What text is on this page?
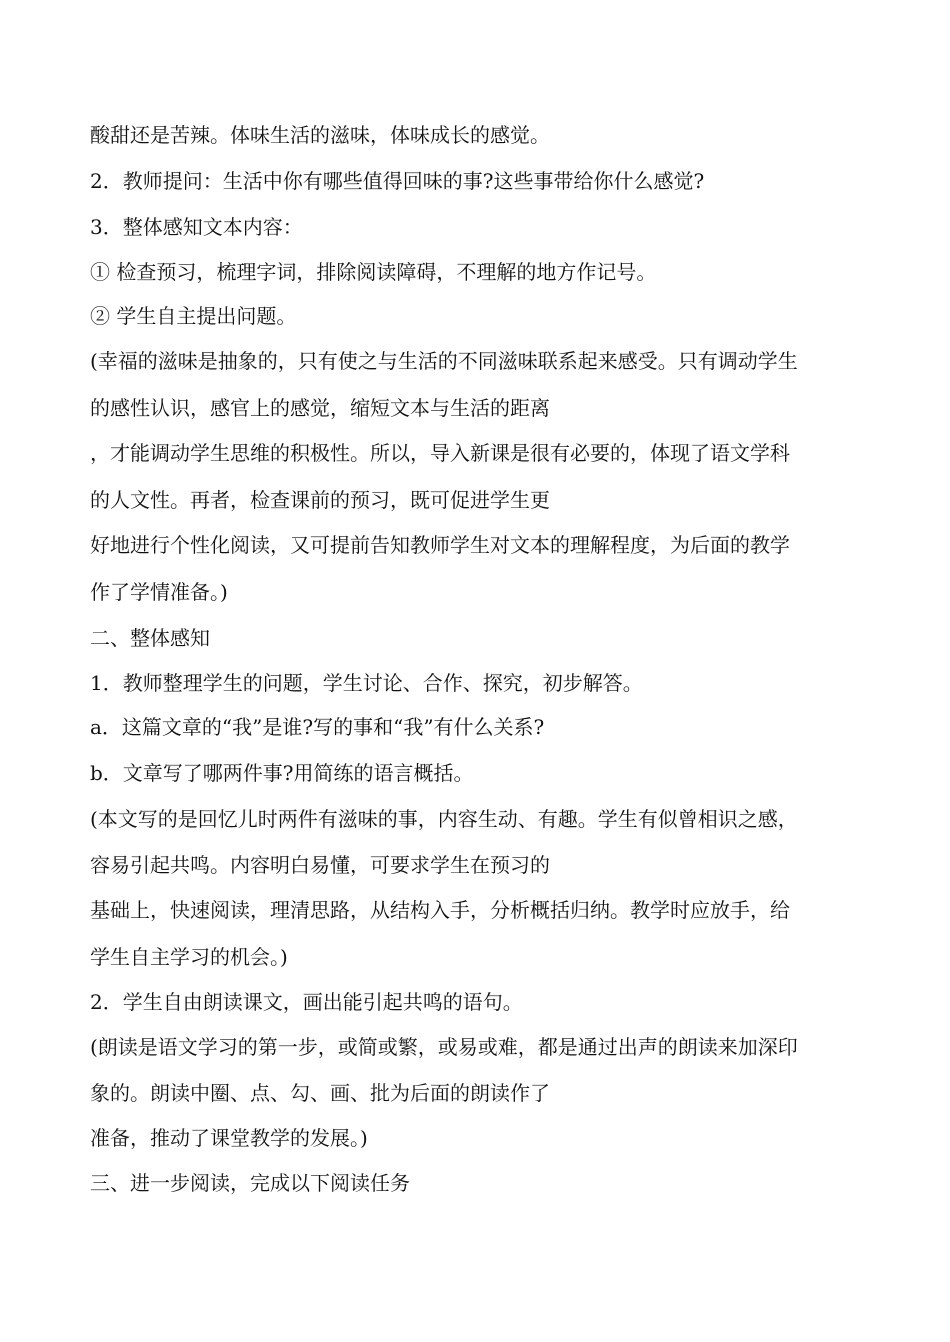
酸甜还是苦辣。体味生活的滋味，体味成长的感觉。
2．教师提问：生活中你有哪些值得回味的事?这些事带给你什么感觉?
3．整体感知文本内容：
① 检查预习，梳理字词，排除阅读障碍，不理解的地方作记号。
② 学生自主提出问题。
(幸福的滋味是抽象的，只有使之与生活的不同滋味联系起来感受。只有调动学生
的感性认识，感官上的感觉，缩短文本与生活的距离
，才能调动学生思维的积极性。所以，导入新课是很有必要的，体现了语文学科
的人文性。再者，检查课前的预习，既可促进学生更
好地进行个性化阅读，又可提前告知教师学生对文本的理解程度，为后面的教学
作了学情准备。)
二、整体感知
1．教师整理学生的问题，学生讨论、合作、探究，初步解答。
a．这篇文章的“我”是谁?写的事和“我”有什么关系?
b．文章写了哪两件事?用简练的语言概括。
(本文写的是回忆儿时两件有滋味的事，内容生动、有趣。学生有似曾相识之感，
容易引起共鸣。内容明白易懂，可要求学生在预习的
基础上，快速阅读，理清思路，从结构入手，分析概括归纳。教学时应放手，给
学生自主学习的机会。)
2．学生自由朗读课文，画出能引起共鸣的语句。
(朗读是语文学习的第一步，或简或繁，或易或难，都是通过出声的朗读来加深印
象的。朗读中圈、点、勾、画、批为后面的朗读作了
准备，推动了课堂教学的发展。)
三、进一步阅读，完成以下阅读任务
